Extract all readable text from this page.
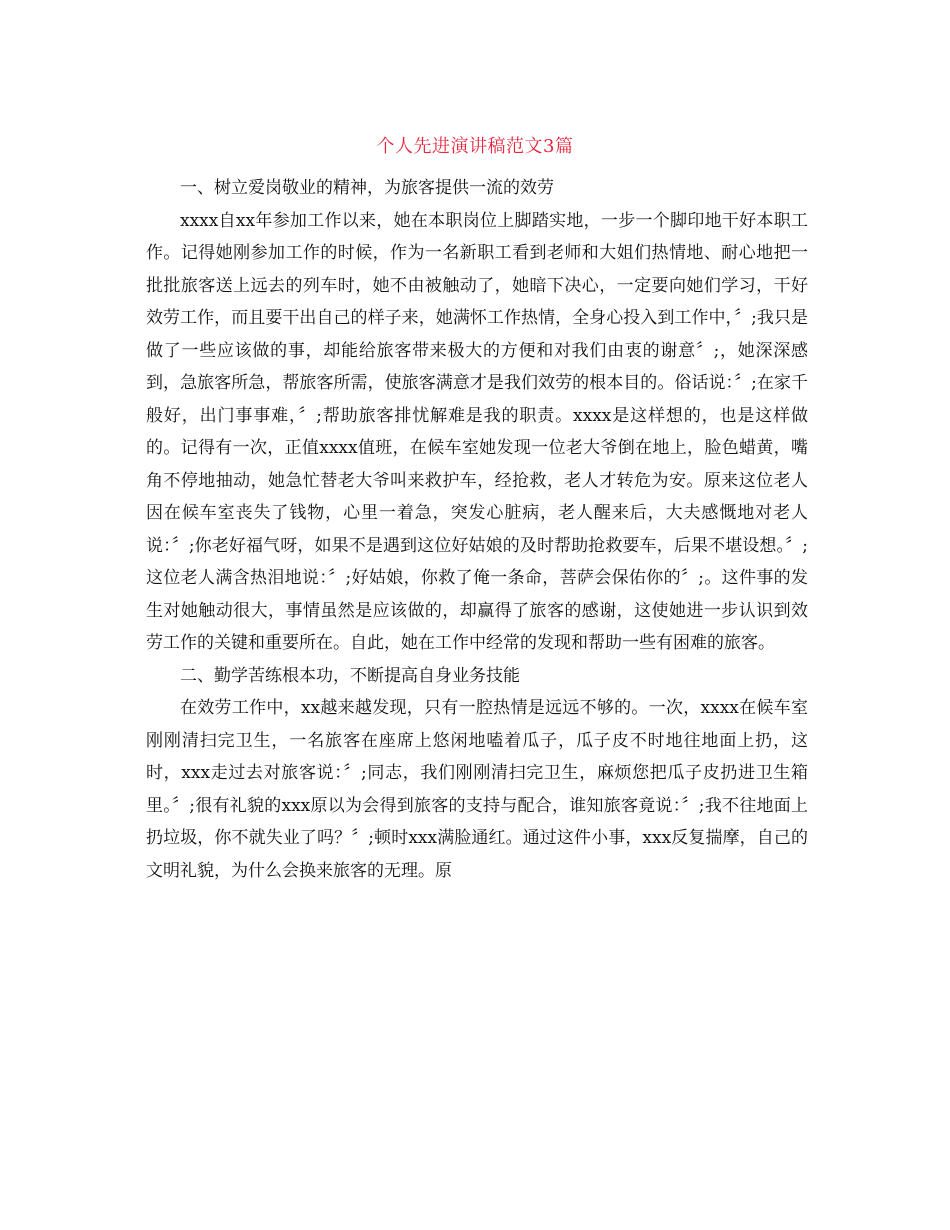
个人先进演讲稿范文3篇

一、树立爱岗敬业的精神，为旅客提供一流的效劳

xxxx自xx年参加工作以来，她在本职岗位上脚踏实地，一步一个脚印地干好本职工作。记得她刚参加工作的时候，作为一名新职工看到老师和大姐们热情地、耐心地把一批批旅客送上远去的列车时，她不由被触动了，她暗下决心，一定要向她们学习，干好效劳工作，而且要干出自己的样子来，她满怀工作热情，全身心投入到工作中，〞;我只是做了一些应该做的事，却能给旅客带来极大的方便和对我们由衷的谢意〞;，她深深感到，急旅客所急，帮旅客所需，使旅客满意才是我们效劳的根本目的。俗话说：〞;在家千般好，出门事事难，〞;帮助旅客排忧解难是我的职责。xxxx是这样想的，也是这样做的。记得有一次，正值xxxx值班，在候车室她发现一位老大爷倒在地上，脸色蜡黄，嘴角不停地抽动，她急忙替老大爷叫来救护车，经抢救，老人才转危为安。原来这位老人因在候车室丧失了钱物，心里一着急，突发心脏病，老人醒来后，大夫感慨地对老人说：〞;你老好福气呀，如果不是遇到这位好姑娘的及时帮助抢救要车，后果不堪设想。〞;这位老人满含热泪地说：〞;好姑娘，你救了俺一条命，菩萨会保佑你的〞;。这件事的发生对她触动很大，事情虽然是应该做的，却赢得了旅客的感谢，这使她进一步认识到效劳工作的关键和重要所在。自此，她在工作中经常的发现和帮助一些有困难的旅客。

二、勤学苦练根本功，不断提高自身业务技能

在效劳工作中，xx越来越发现，只有一腔热情是远远不够的。一次，xxxx在候车室刚刚清扫完卫生，一名旅客在座席上悠闲地嗑着瓜子，瓜子皮不时地往地面上扔，这时，xxx走过去对旅客说：〞;同志，我们刚刚清扫完卫生，麻烦您把瓜子皮扔进卫生箱里。〞;很有礼貌的xxx原以为会得到旅客的支持与配合，谁知旅客竟说：〞;我不往地面上扔垃圾，你不就失业了吗？〞;顿时xxx满脸通红。通过这件小事，xxx反复揣摩，自己的文明礼貌，为什么会换来旅客的无理。原
